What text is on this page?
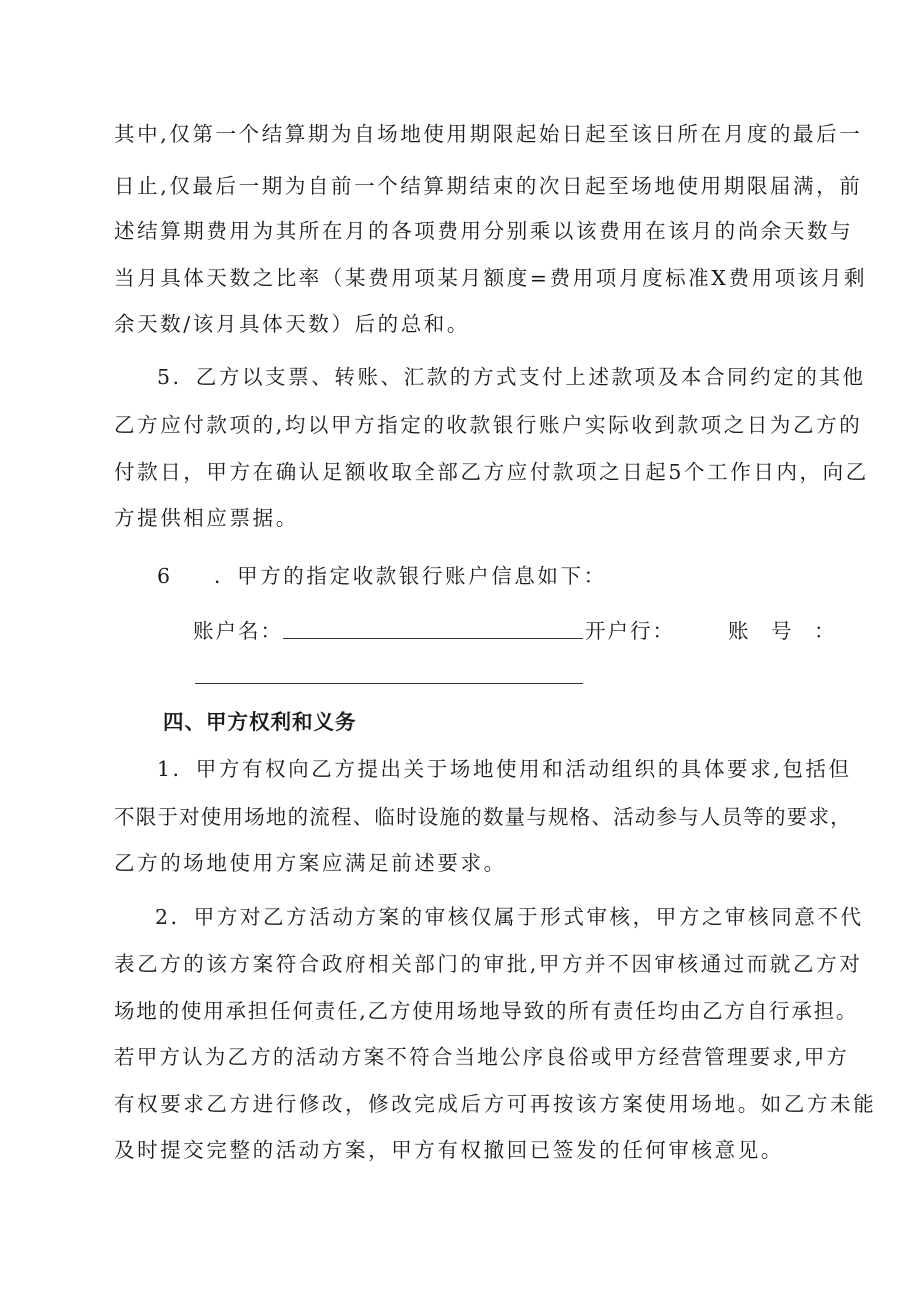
其中,仅第一个结算期为自场地使用期限起始日起至该日所在月度的最后一
日止,仅最后一期为自前一个结算期结束的次日起至场地使用期限届满，前
述结算期费用为其所在月的各项费用分别乘以该费用在该月的尚余天数与
当月具体天数之比率（某费用项某月额度=费用项月度标准X费用项该月剩
余天数/该月具体天数）后的总和。
5．乙方以支票、转账、汇款的方式支付上述款项及本合同约定的其他
乙方应付款项的,均以甲方指定的收款银行账户实际收到款项之日为乙方的
付款日，甲方在确认足额收取全部乙方应付款项之日起5个工作日内，向乙
方提供相应票据。
6 ．甲方的指定收款银行账户信息如下：
账户名：	开户行：	账 号 ：
四、甲方权利和义务
1．甲方有权向乙方提出关于场地使用和活动组织的具体要求,包括但
不限于对使用场地的流程、临时设施的数量与规格、活动参与人员等的要求，
乙方的场地使用方案应满足前述要求。
2．甲方对乙方活动方案的审核仅属于形式审核，甲方之审核同意不代
表乙方的该方案符合政府相关部门的审批,甲方并不因审核通过而就乙方对
场地的使用承担任何责任,乙方使用场地导致的所有责任均由乙方自行承担。
若甲方认为乙方的活动方案不符合当地公序良俗或甲方经营管理要求,甲方
有权要求乙方进行修改，修改完成后方可再按该方案使用场地。如乙方未能
及时提交完整的活动方案，甲方有权撤回已签发的任何审核意见。
